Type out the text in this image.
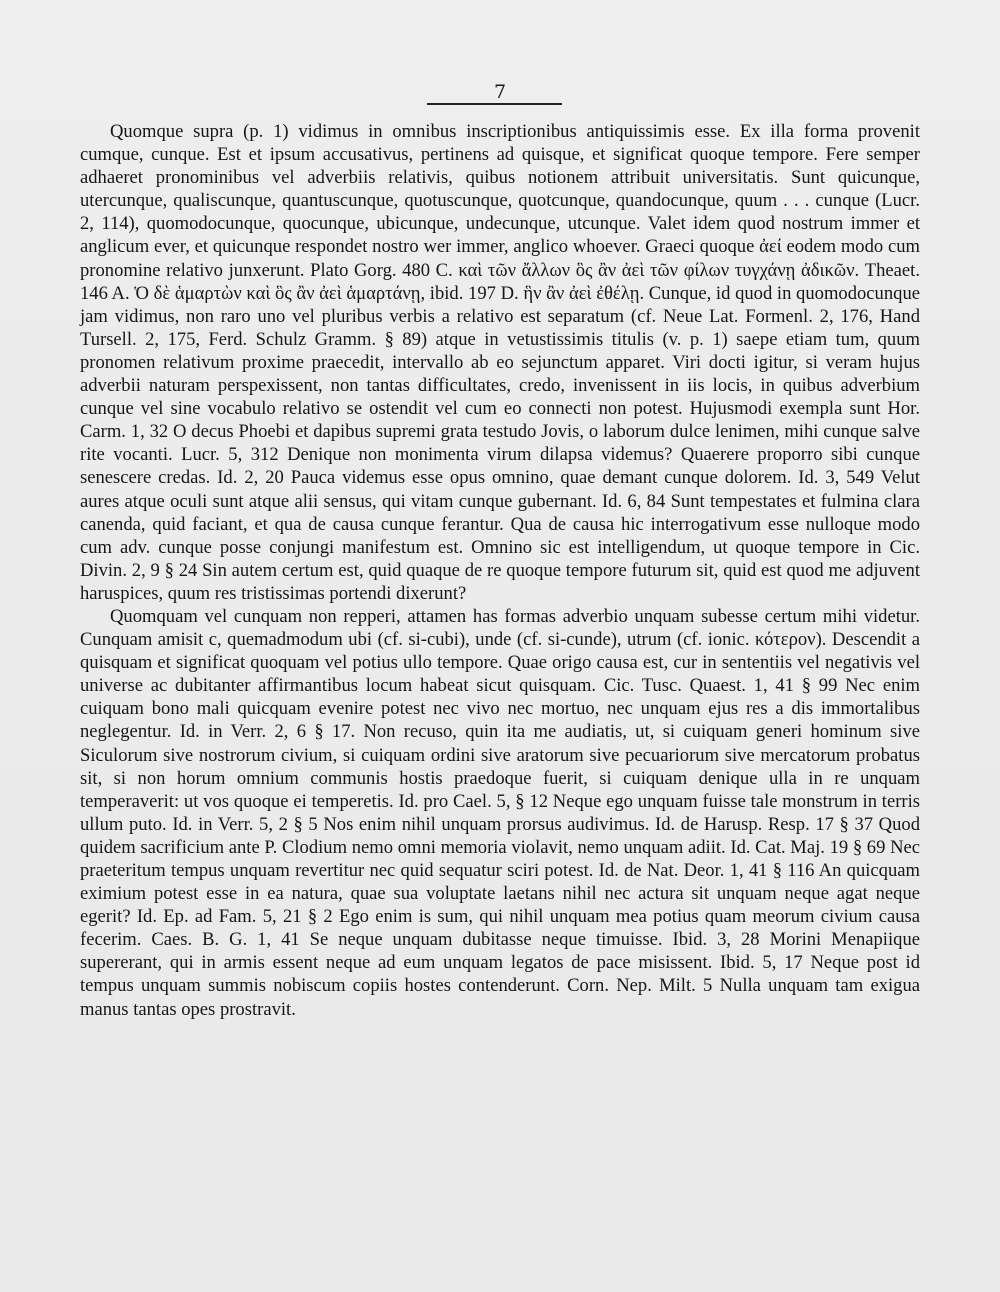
7

Quomque supra (p. 1) vidimus in omnibus inscriptionibus antiquissimis esse. Ex illa forma provenit cumque, cunque. Est et ipsum accusativus, pertinens ad quisque, et significat quoque tempore. Fere semper adhaeret pronominibus vel adverbiis relativis, quibus notionem attribuit universitatis. Sunt quicunque, utercunque, qualiscunque, quantuscunque, quotuscunque, quotcunque, quandocunque, quum . . . cunque (Lucr. 2, 114), quomodocunque, quocunque, ubicunque, undecunque, utcunque. Valet idem quod nostrum immer et anglicum ever, et quicunque respondet nostro wer immer, anglico whoever. Graeci quoque ἀεί eodem modo cum pronomine relativo junxerunt. Plato Gorg. 480 C. καὶ τῶν ἄλλων ὃς ἂν ἀεὶ τῶν φίλων τυγχάνῃ ἀδικῶν. Theaet. 146 A. Ὁ δὲ ἁμαρτὼν καὶ ὃς ἂν ἀεὶ ἁμαρτάνῃ, ibid. 197 D. ἣν ἂν ἀεὶ ἐθέλῃ. Cunque, id quod in quomodocunque jam vidimus, non raro uno vel pluribus verbis a relativo est separatum (cf. Neue Lat. Formenl. 2, 176, Hand Tursell. 2, 175, Ferd. Schulz Gramm. § 89) atque in vetustissimis titulis (v. p. 1) saepe etiam tum, quum pronomen relativum proxime praecedit, intervallo ab eo sejunctum apparet. Viri docti igitur, si veram hujus adverbii naturam perspexissent, non tantas difficultates, credo, invenissent in iis locis, in quibus adverbium cunque vel sine vocabulo relativo se ostendit vel cum eo connecti non potest. Hujusmodi exempla sunt Hor. Carm. 1, 32 O decus Phoebi et dapibus supremi grata testudo Jovis, o laborum dulce lenimen, mihi cunque salve rite vocanti. Lucr. 5, 312 Denique non monimenta virum dilapsa videmus? Quaerere proporro sibi cunque senescere credas. Id. 2, 20 Pauca videmus esse opus omnino, quae demant cunque dolorem. Id. 3, 549 Velut aures atque oculi sunt atque alii sensus, qui vitam cunque gubernant. Id. 6, 84 Sunt tempestates et fulmina clara canenda, quid faciant, et qua de causa cunque ferantur. Qua de causa hic interrogativum esse nulloque modo cum adv. cunque posse conjungi manifestum est. Omnino sic est intelligendum, ut quoque tempore in Cic. Divin. 2, 9 § 24 Sin autem certum est, quid quaque de re quoque tempore futurum sit, quid est quod me adjuvent haruspices, quum res tristissimas portendi dixerunt?

Quomquam vel cunquam non repperi, attamen has formas adverbio unquam subesse certum mihi videtur. Cunquam amisit c, quemadmodum ubi (cf. si-cubi), unde (cf. si-cunde), utrum (cf. ionic. κότερον). Descendit a quisquam et significat quoquam vel potius ullo tempore. Quae origo causa est, cur in sententiis vel negativis vel universe ac dubitanter affirmantibus locum habeat sicut quisquam. Cic. Tusc. Quaest. 1, 41 § 99 Nec enim cuiquam bono mali quicquam evenire potest nec vivo nec mortuo, nec unquam ejus res a dis immortalibus neglegentur. Id. in Verr. 2, 6 § 17. Non recuso, quin ita me audiatis, ut, si cuiquam generi hominum sive Siculorum sive nostrorum civium, si cuiquam ordini sive aratorum sive pecuariorum sive mercatorum probatus sit, si non horum omnium communis hostis praedoque fuerit, si cuiquam denique ulla in re unquam temperaverit: ut vos quoque ei temperetis. Id. pro Cael. 5, § 12 Neque ego unquam fuisse tale monstrum in terris ullum puto. Id. in Verr. 5, 2 § 5 Nos enim nihil unquam prorsus audivimus. Id. de Harusp. Resp. 17 § 37 Quod quidem sacrificium ante P. Clodium nemo omni memoria violavit, nemo unquam adiit. Id. Cat. Maj. 19 § 69 Nec praeteritum tempus unquam revertitur nec quid sequatur sciri potest. Id. de Nat. Deor. 1, 41 § 116 An quicquam eximium potest esse in ea natura, quae sua voluptate laetans nihil nec actura sit unquam neque agat neque egerit? Id. Ep. ad Fam. 5, 21 § 2 Ego enim is sum, qui nihil unquam mea potius quam meorum civium causa fecerim. Caes. B. G. 1, 41 Se neque unquam dubitasse neque timuisse. Ibid. 3, 28 Morini Menapiique supererant, qui in armis essent neque ad eum unquam legatos de pace misissent. Ibid. 5, 17 Neque post id tempus unquam summis nobiscum copiis hostes contenderunt. Corn. Nep. Milt. 5 Nulla unquam tam exigua manus tantas opes prostravit.
